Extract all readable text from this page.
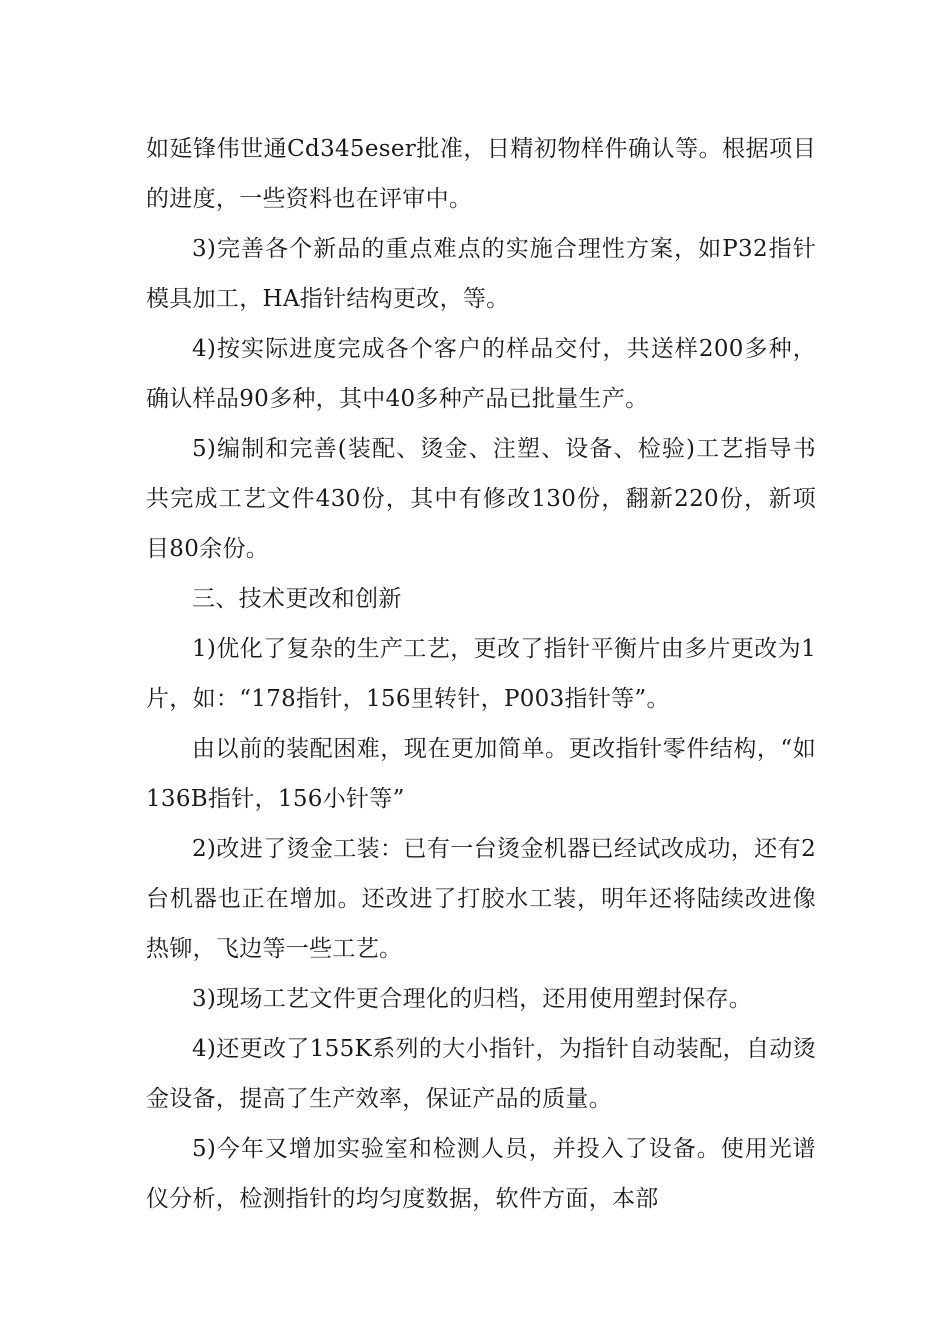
如延锋伟世通Cd345eser批准，日精初物样件确认等。根据项目的进度，一些资料也在评审中。

3)完善各个新品的重点难点的实施合理性方案，如P32指针模具加工，HA指针结构更改，等。

4)按实际进度完成各个客户的样品交付，共送样200多种，确认样品90多种，其中40多种产品已批量生产。

5)编制和完善(装配、烫金、注塑、设备、检验)工艺指导书共完成工艺文件430份，其中有修改130份，翻新220份，新项目80余份。

三、技术更改和创新

1)优化了复杂的生产工艺，更改了指针平衡片由多片更改为1片，如：“178指针，156里转针，P003指针等”。

由以前的装配困难，现在更加简单。更改指针零件结构，“如136B指针，156小针等”

2)改进了烫金工装：已有一台烫金机器已经试改成功，还有2台机器也正在增加。还改进了打胶水工装，明年还将陆续改进像热铆，飞边等一些工艺。

3)现场工艺文件更合理化的归档，还用使用塑封保存。

4)还更改了155K系列的大小指针，为指针自动装配，自动烫金设备，提高了生产效率，保证产品的质量。

5)今年又增加实验室和检测人员，并投入了设备。使用光谱仪分析，检测指针的均匀度数据，软件方面，本部
